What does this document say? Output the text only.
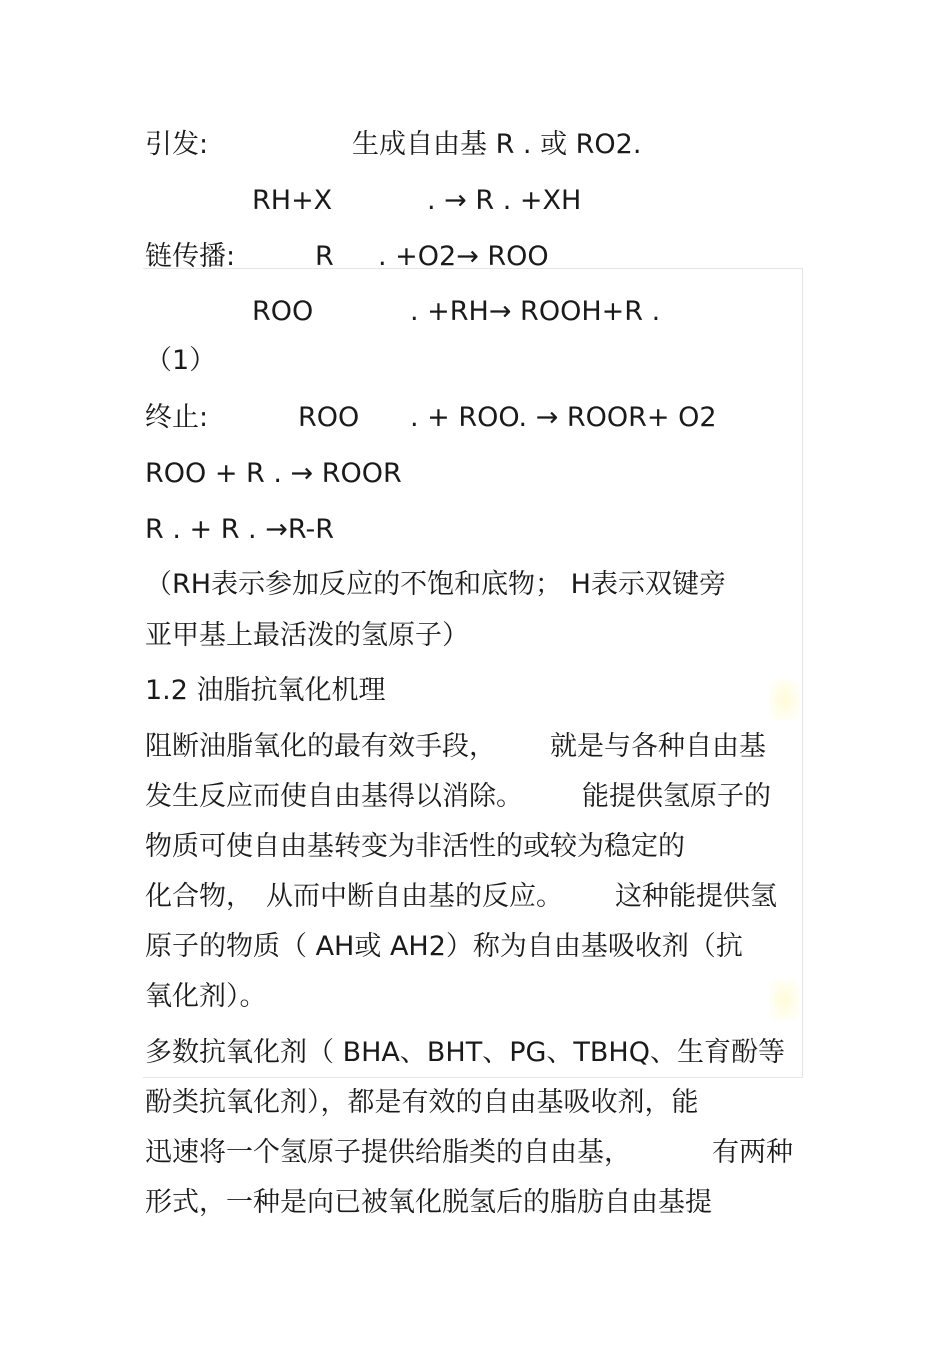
引发:	生成自由基 R . 或 RO2.
RH+X	. → R . +XH
链传播:	R . +O2→ ROO
ROO	. +RH→ ROOH+R .
（1）
终止:	ROO . + ROO. → ROOR+ O2
ROO + R . → ROOR
R . + R . →R-R
（RH表示参加反应的不饱和底物； H表示双键旁
亚甲基上最活泼的氢原子）
1.2 油脂抗氧化机理
阻断油脂氧化的最有效手段， 就是与各种自由基
发生反应而使自由基得以消除。 能提供氢原子的
物质可使自由基转变为非活性的或较为稳定的
化合物， 从而中断自由基的反应。 这种能提供氢
原子的物质（ AH或 AH2）称为自由基吸收剂（抗
氧化剂）。
多数抗氧化剂（ BHA、BHT、PG、TBHQ、生育酚等
酚类抗氧化剂），都是有效的自由基吸收剂，能
迅速将一个氢原子提供给脂类的自由基，	有两种
形式，一种是向已被氧化脱氢后的脂肪自由基提
